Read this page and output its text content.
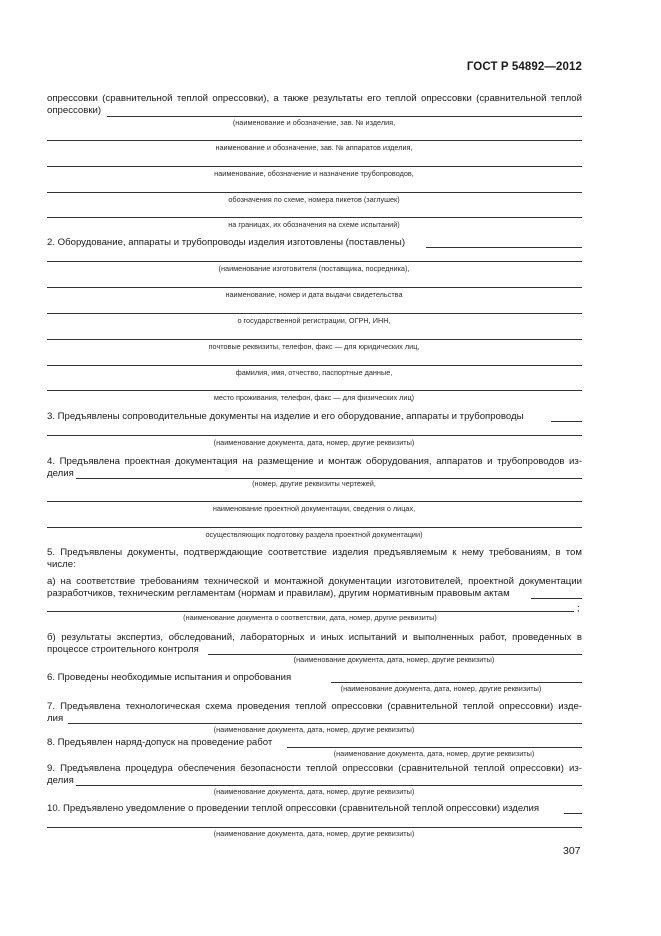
ГОСТ Р 54892—2012
опрессовки (сравнительной теплой опрессовки), а также результаты его теплой опрессовки (сравнительной теплой
опрессовки)
(наименование и обозначение, зав. № изделия,
наименование и обозначение, зав. № аппаратов изделия,
наименование, обозначение и назначение трубопроводов,
обозначения по схеме, номера пикетов (заглушек)
на границах, их обозначения на схеме испытаний)
2. Оборудование, аппараты и трубопроводы изделия изготовлены (поставлены)
(наименование изготовителя (поставщика, посредника),
наименование, номер и дата выдачи свидетельства
о государственной регистрации, ОГРН, ИНН,
почтовые реквизиты, телефон, факс — для юридических лиц,
фамилия, имя, отчество, паспортные данные,
место проживания, телефон, факс — для физических лиц)
3. Предъявлены сопроводительные документы на изделие и его оборудование, аппараты и трубопроводы
(наименование документа, дата, номер, другие реквизиты)
4. Предъявлена проектная документация на размещение и монтаж оборудования, аппаратов и трубопроводов из-
делия
(номер, другие реквизиты чертежей,
наименование проектной документации, сведения о лицах,
осуществляющих подготовку раздела проектной документации)
5. Предъявлены документы, подтверждающие соответствие изделия предъявляемым к нему требованиям, в том
числе:
а) на соответствие требованиям технической и монтажной документации изготовителей, проектной документации
разработчиков, техническим регламентам (нормам и правилам), другим нормативным правовым актам
;
(наименование документа о соответствии, дата, номер, другие реквизиты)
б) результаты экспертиз, обследований, лабораторных и иных испытаний и выполненных работ, проведенных в
процессе строительного контроля
(наименование документа, дата, номер, другие реквизиты)
6. Проведены необходимые испытания и опробования
(наименование документа, дата, номер, другие реквизиты)
7. Предъявлена технологическая схема проведения теплой опрессовки (сравнительной теплой опрессовки) изде-
лия
(наименование документа, дата, номер, другие реквизиты)
8. Предъявлен наряд-допуск на проведение работ
(наименование документа, дата, номер, другие реквизиты)
9. Предъявлена процедура обеспечения безопасности теплой опрессовки (сравнительной теплой опрессовки) из-
делия
(наименование документа, дата, номер, другие реквизиты)
10. Предъявлено уведомление о проведении теплой опрессовки (сравнительной теплой опрессовки) изделия
(наименование документа, дата, номер, другие реквизиты)
307
